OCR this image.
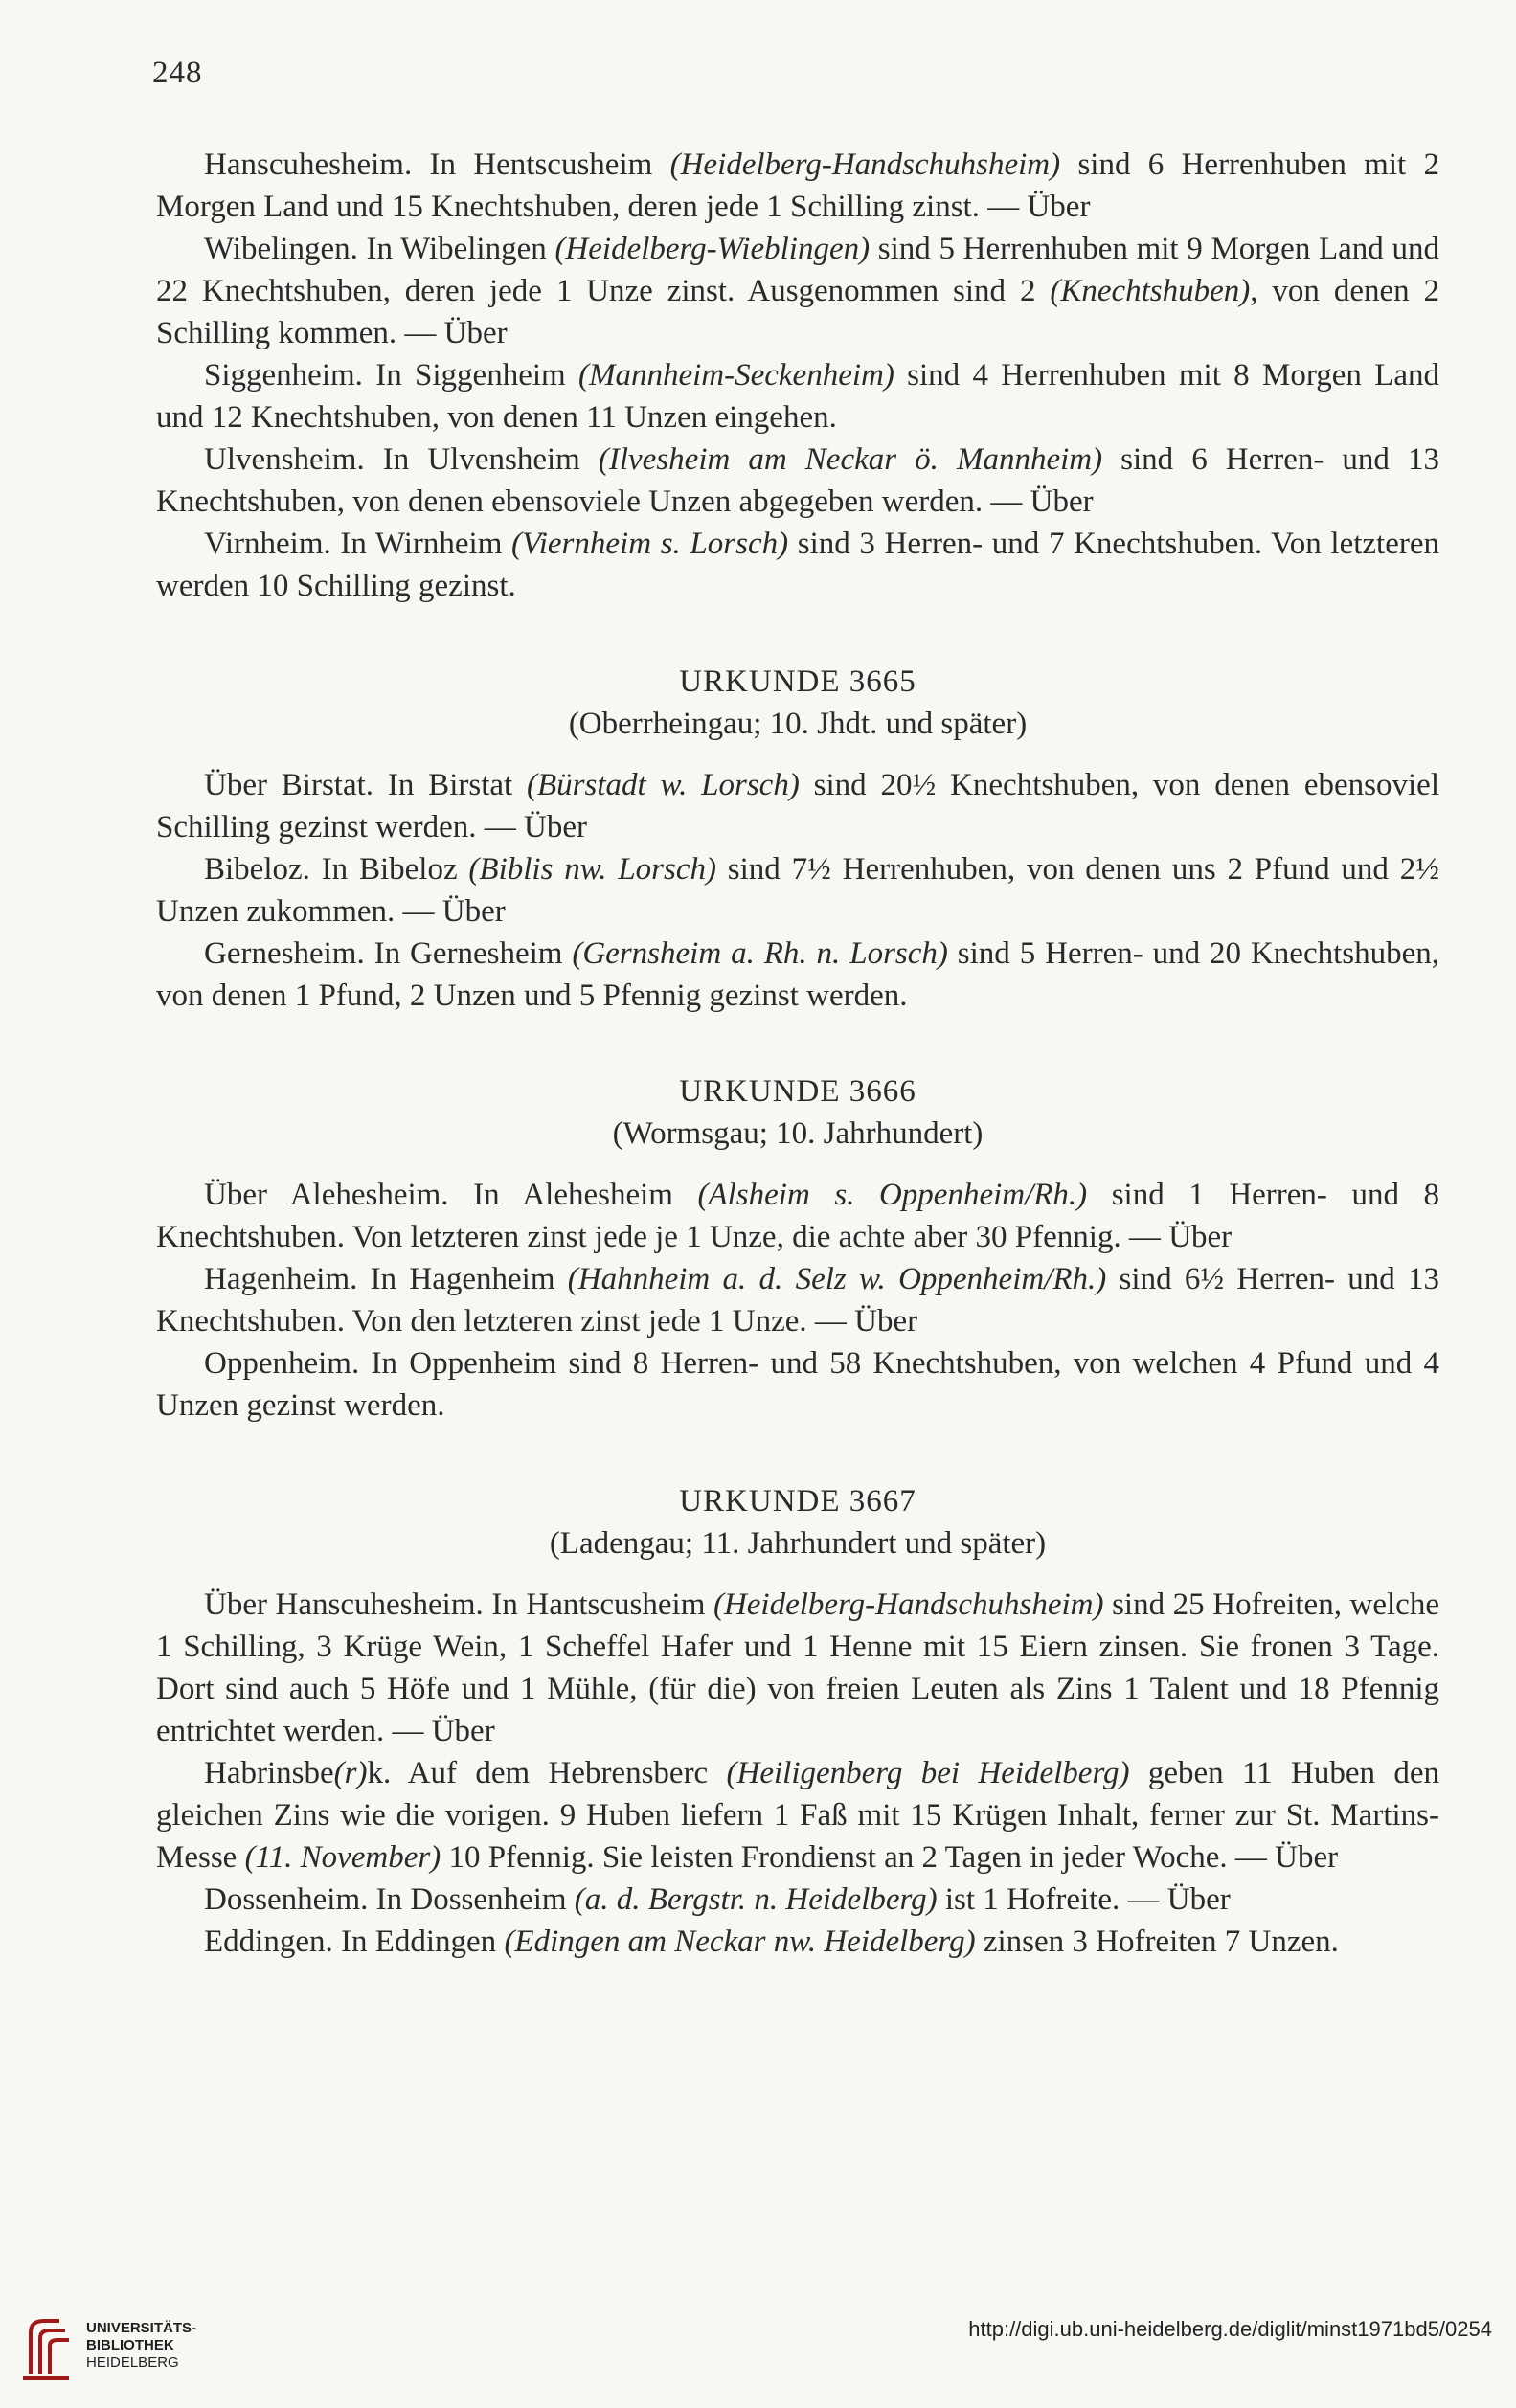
248

Hanscuhesheim. In Hentscusheim (Heidelberg-Handschuhsheim) sind 6 Herrenhuben mit 2 Morgen Land und 15 Knechtshuben, deren jede 1 Schilling zinst. — Über

Wibelingen. In Wibelingen (Heidelberg-Wieblingen) sind 5 Herrenhuben mit 9 Morgen Land und 22 Knechtshuben, deren jede 1 Unze zinst. Ausgenommen sind 2 (Knechtshuben), von denen 2 Schilling kommen. — Über

Siggenheim. In Siggenheim (Mannheim-Seckenheim) sind 4 Herrenhuben mit 8 Morgen Land und 12 Knechtshuben, von denen 11 Unzen eingehen.

Ulvensheim. In Ulvensheim (Ilvesheim am Neckar ö. Mannheim) sind 6 Herren- und 13 Knechtshuben, von denen ebensoviele Unzen abgegeben werden. — Über

Virnheim. In Wirnheim (Viernheim s. Lorsch) sind 3 Herren- und 7 Knechtshuben. Von letzteren werden 10 Schilling gezinst.

URKUNDE 3665
(Oberrheingau; 10. Jhdt. und später)

Über Birstat. In Birstat (Bürstadt w. Lorsch) sind 20½ Knechtshuben, von denen ebensoviel Schilling gezinst werden. — Über

Bibeloz. In Bibeloz (Biblis nw. Lorsch) sind 7½ Herrenhuben, von denen uns 2 Pfund und 2½ Unzen zukommen. — Über

Gernesheim. In Gernesheim (Gernsheim a. Rh. n. Lorsch) sind 5 Herren- und 20 Knechtshuben, von denen 1 Pfund, 2 Unzen und 5 Pfennig gezinst werden.

URKUNDE 3666
(Wormsgau; 10. Jahrhundert)

Über Alehesheim. In Alehesheim (Alsheim s. Oppenheim/Rh.) sind 1 Herren- und 8 Knechtshuben. Von letzteren zinst jede je 1 Unze, die achte aber 30 Pfennig. — Über

Hagenheim. In Hagenheim (Hahnheim a. d. Selz w. Oppenheim/Rh.) sind 6½ Herren- und 13 Knechtshuben. Von den letzteren zinst jede 1 Unze. — Über

Oppenheim. In Oppenheim sind 8 Herren- und 58 Knechtshuben, von welchen 4 Pfund und 4 Unzen gezinst werden.

URKUNDE 3667
(Ladengau; 11. Jahrhundert und später)

Über Hanscuhesheim. In Hantscusheim (Heidelberg-Handschuhsheim) sind 25 Hofreiten, welche 1 Schilling, 3 Krüge Wein, 1 Scheffel Hafer und 1 Henne mit 15 Eiern zinsen. Sie fronen 3 Tage. Dort sind auch 5 Höfe und 1 Mühle, (für die) von freien Leuten als Zins 1 Talent und 18 Pfennig entrichtet werden. — Über

Habrinsbe(r)k. Auf dem Hebrensberc (Heiligenberg bei Heidelberg) geben 11 Huben den gleichen Zins wie die vorigen. 9 Huben liefern 1 Faß mit 15 Krügen Inhalt, ferner zur St. Martins-Messe (11. November) 10 Pfennig. Sie leisten Frondienst an 2 Tagen in jeder Woche. — Über

Dossenheim. In Dossenheim (a. d. Bergstr. n. Heidelberg) ist 1 Hofreite. — Über

Eddingen. In Eddingen (Edingen am Neckar nw. Heidelberg) zinsen 3 Hofreiten 7 Unzen.

UNIVERSITÄTS-
BIBLIOTHEK
HEIDELBERG
http://digi.ub.uni-heidelberg.de/diglit/minst1971bd5/0254
